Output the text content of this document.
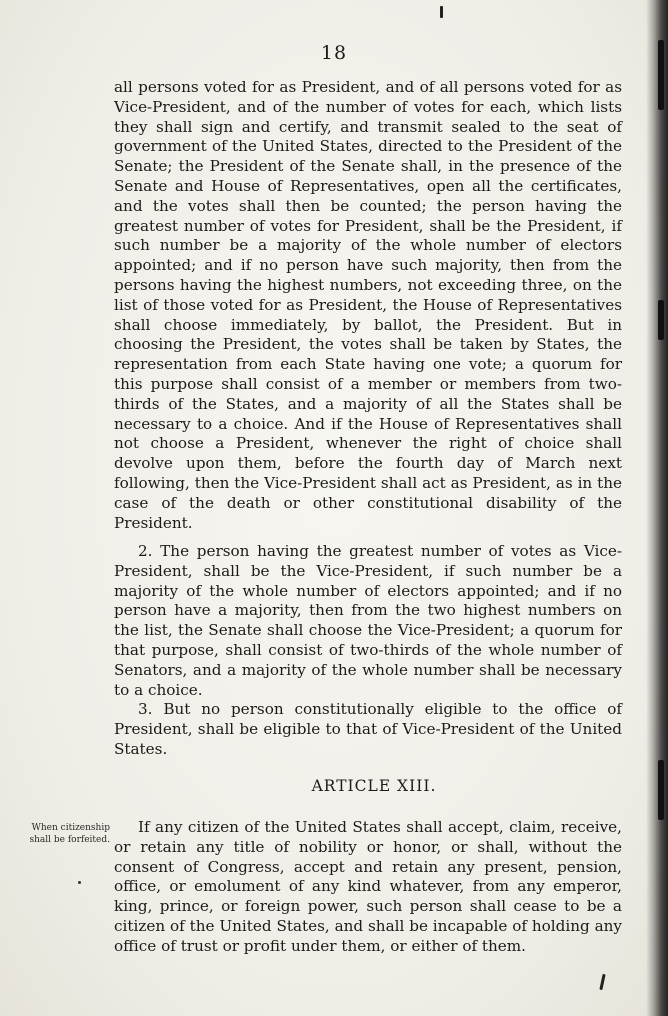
18

all persons voted for as President, and of all persons voted for as Vice-President, and of the number of votes for each, which lists they shall sign and certify, and transmit sealed to the seat of government of the United States, directed to the President of the Senate; the President of the Senate shall, in the presence of the Senate and House of Representatives, open all the certificates, and the votes shall then be counted; the person having the greatest number of votes for President, shall be the President, if such number be a majority of the whole number of electors appointed; and if no person have such majority, then from the persons having the highest numbers, not exceeding three, on the list of those voted for as President, the House of Representatives shall choose immediately, by ballot, the President. But in choosing the President, the votes shall be taken by States, the representation from each State having one vote; a quorum for this purpose shall consist of a member or members from two-thirds of the States, and a majority of all the States shall be necessary to a choice. And if the House of Representatives shall not choose a President, whenever the right of choice shall devolve upon them, before the fourth day of March next following, then the Vice-President shall act as President, as in the case of the death or other constitutional disability of the President.

2. The person having the greatest number of votes as Vice-President, shall be the Vice-President, if such number be a majority of the whole number of electors appointed; and if no person have a majority, then from the two highest numbers on the list, the Senate shall choose the Vice-President; a quorum for that purpose, shall consist of two-thirds of the whole number of Senators, and a majority of the whole number shall be necessary to a choice.

3. But no person constitutionally eligible to the office of President, shall be eligible to that of Vice-President of the United States.

ARTICLE XIII.
When citizenship
shall be forfeited.

If any citizen of the United States shall accept, claim, receive, or retain any title of nobility or honor, or shall, without the consent of Congress, accept and retain any present, pension, office, or emolument of any kind whatever, from any emperor, king, prince, or foreign power, such person shall cease to be a citizen of the United States, and shall be incapable of holding any office of trust or profit under them, or either of them.
